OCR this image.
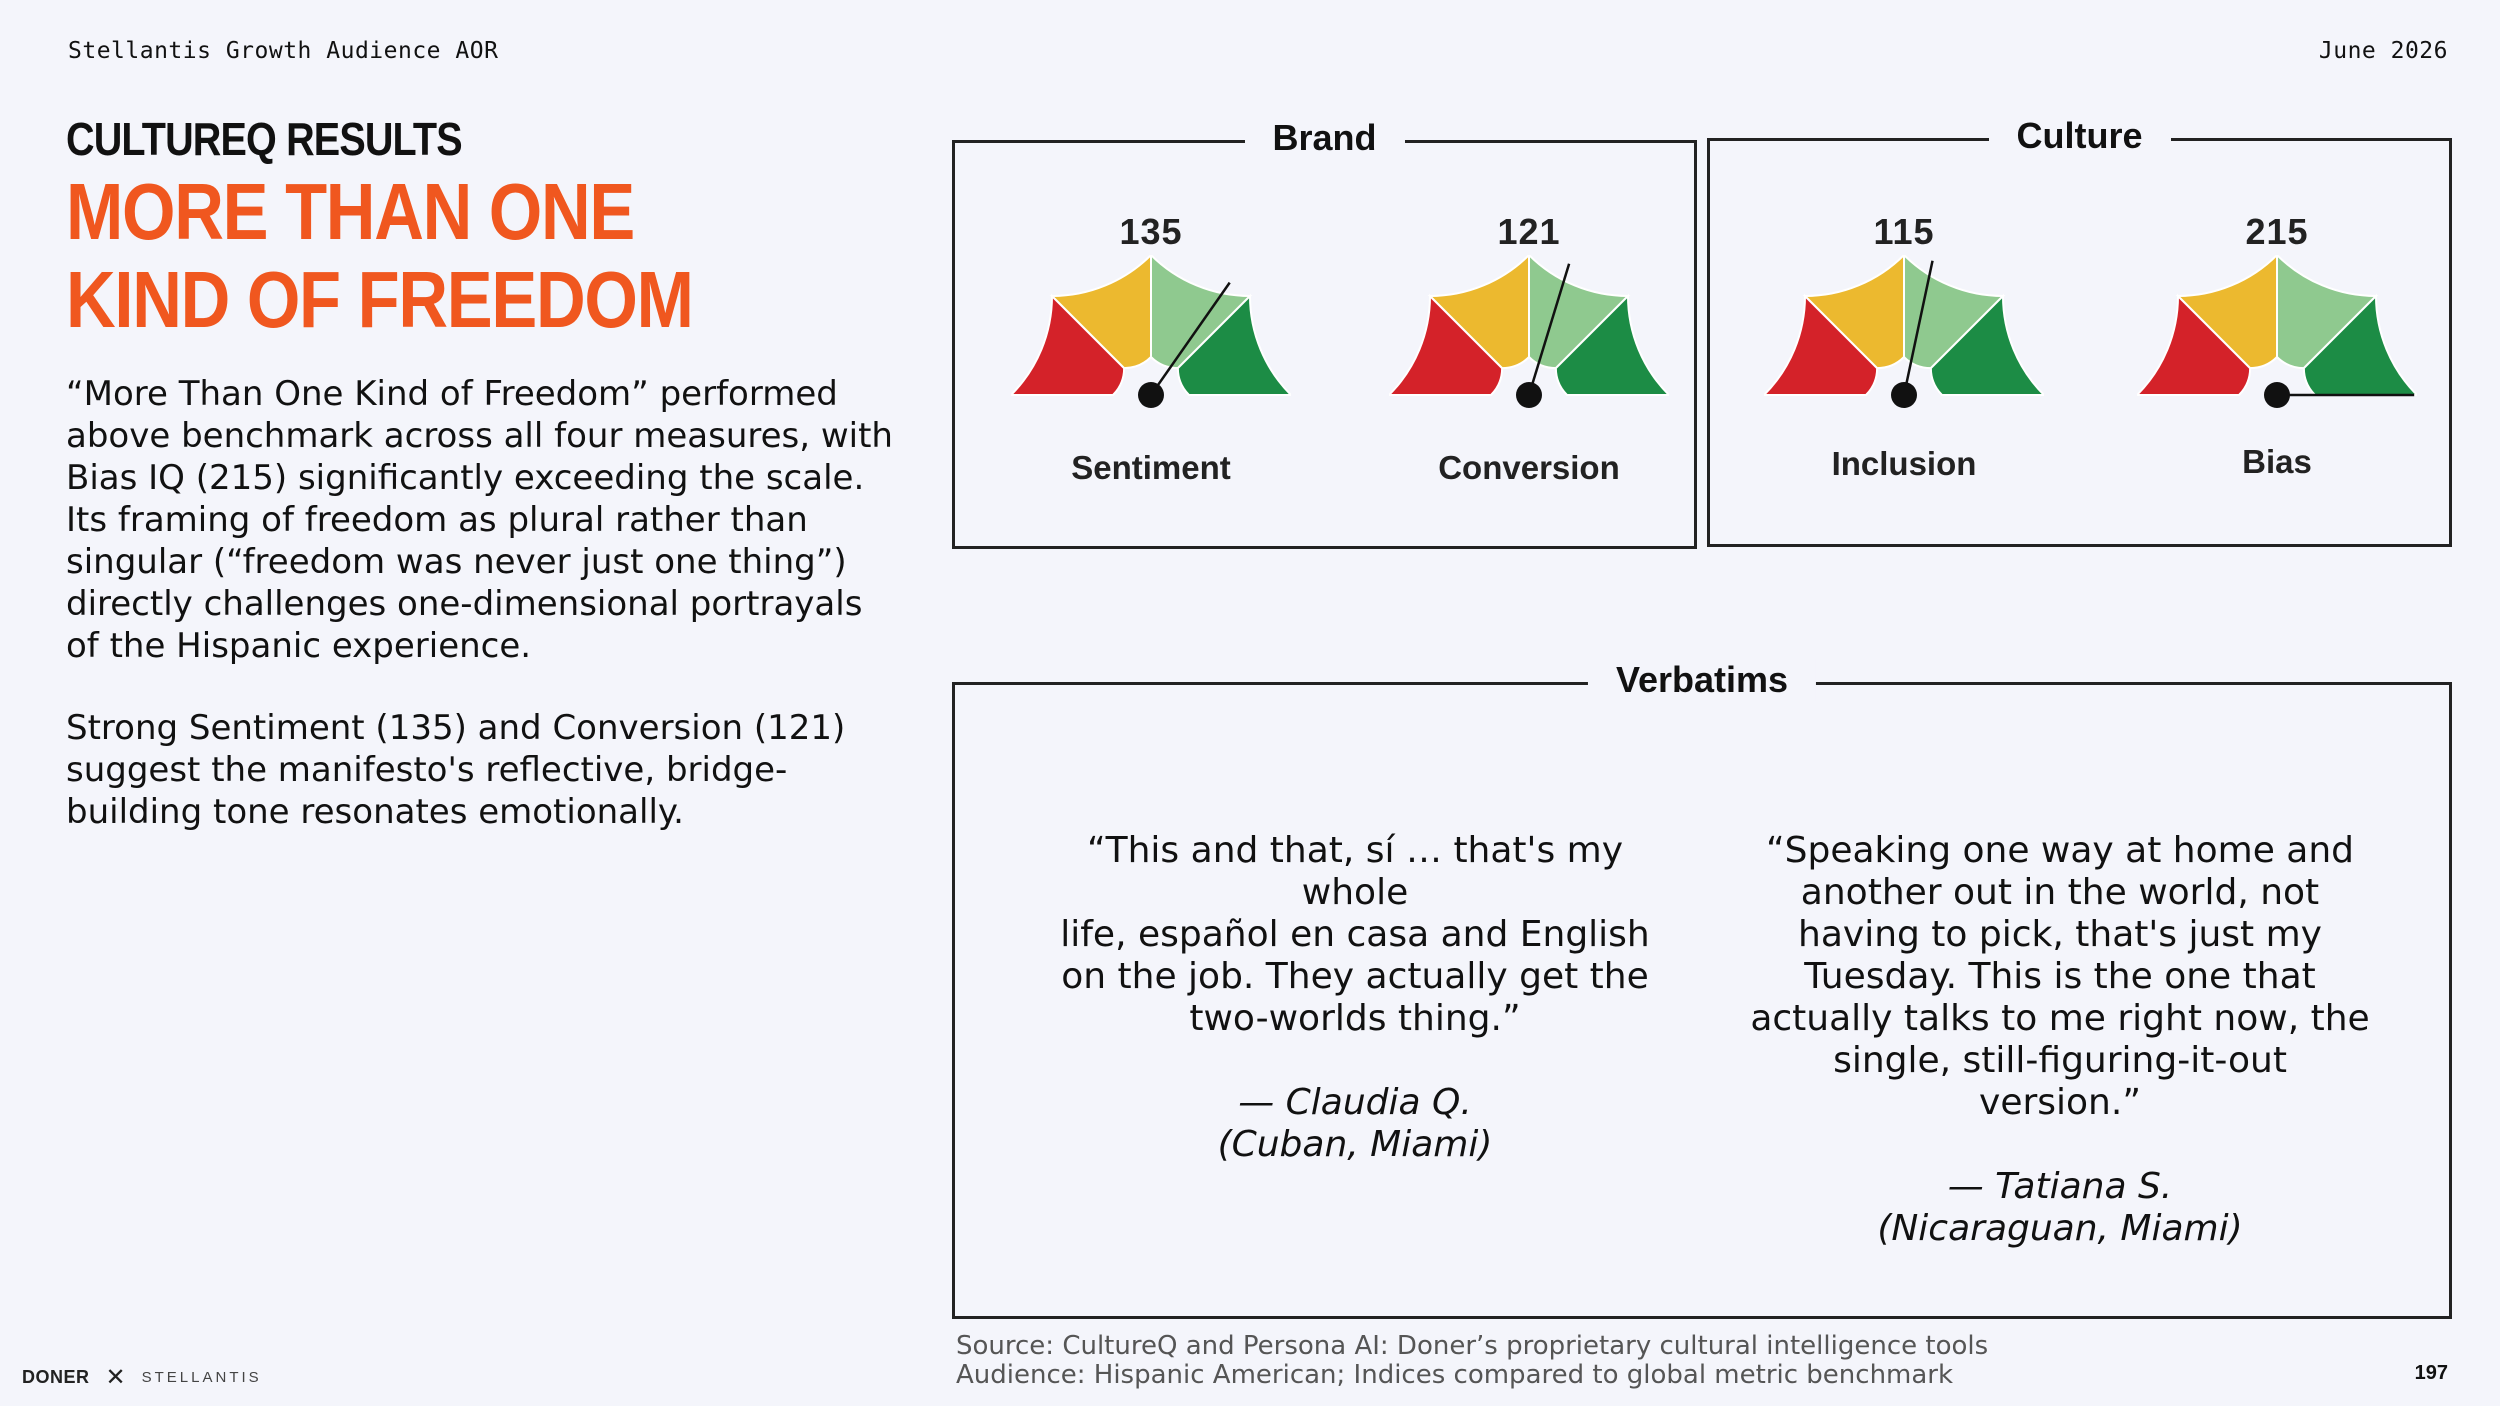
Stellantis Growth Audience AOR	June 2026
CULTUREQ RESULTS
MORE THAN ONE KIND OF FREEDOM
“More Than One Kind of Freedom” performed above benchmark across all four measures, with Bias IQ (215) significantly exceeding the scale. Its framing of freedom as plural rather than singular (“freedom was never just one thing”) directly challenges one-dimensional portrayals of the Hispanic experience.
Strong Sentiment (135) and Conversion (121) suggest the manifesto's reflective, bridge-building tone resonates emotionally.
Brand
135
Sentiment
121
Conversion
Culture
115
Inclusion
215
Bias
Verbatims
“This and that, sí … that's my whole
life, español en casa and English
on the job. They actually get the
two-worlds thing.”
— Claudia Q.
(Cuban, Miami)
“Speaking one way at home and
another out in the world, not
having to pick, that's just my
Tuesday. This is the one that
actually talks to me right now, the
single, still-figuring-it-out
version.”
— Tatiana S.
(Nicaraguan, Miami)
Source: CultureQ and Persona AI: Doner’s proprietary cultural intelligence tools
Audience: Hispanic American; Indices compared to global metric benchmark
DONER ✕ STELLANTIS	197
